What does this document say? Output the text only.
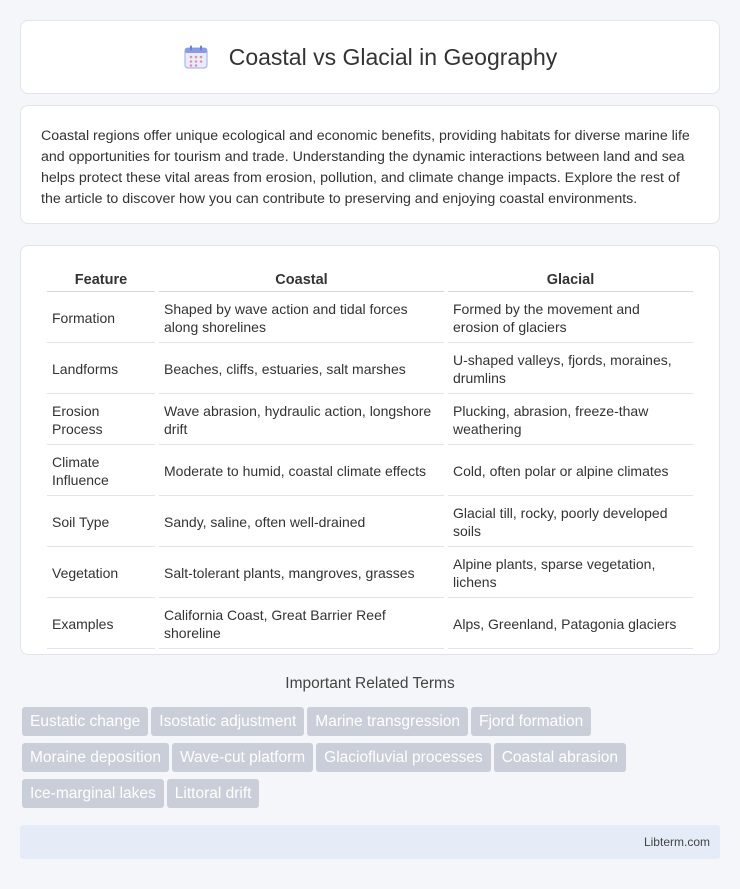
Coastal vs Glacial in Geography

Coastal regions offer unique ecological and economic benefits, providing habitats for diverse marine life and opportunities for tourism and trade. Understanding the dynamic interactions between land and sea helps protect these vital areas from erosion, pollution, and climate change impacts. Explore the rest of the article to discover how you can contribute to preserving and enjoying coastal environments.

Feature	Coastal	Glacial
Formation	Shaped by wave action and tidal forces along shorelines	Formed by the movement and erosion of glaciers
Landforms	Beaches, cliffs, estuaries, salt marshes	U-shaped valleys, fjords, moraines, drumlins
Erosion Process	Wave abrasion, hydraulic action, longshore drift	Plucking, abrasion, freeze-thaw weathering
Climate Influence	Moderate to humid, coastal climate effects	Cold, often polar or alpine climates
Soil Type	Sandy, saline, often well-drained	Glacial till, rocky, poorly developed soils
Vegetation	Salt-tolerant plants, mangroves, grasses	Alpine plants, sparse vegetation, lichens
Examples	California Coast, Great Barrier Reef shoreline	Alps, Greenland, Patagonia glaciers
Important Related Terms
Eustatic change Isostatic adjustment Marine transgression Fjord formation
Moraine deposition Wave-cut platform Glaciofluvial processes Coastal abrasion
Ice-marginal lakes Littoral drift
Libterm.com
